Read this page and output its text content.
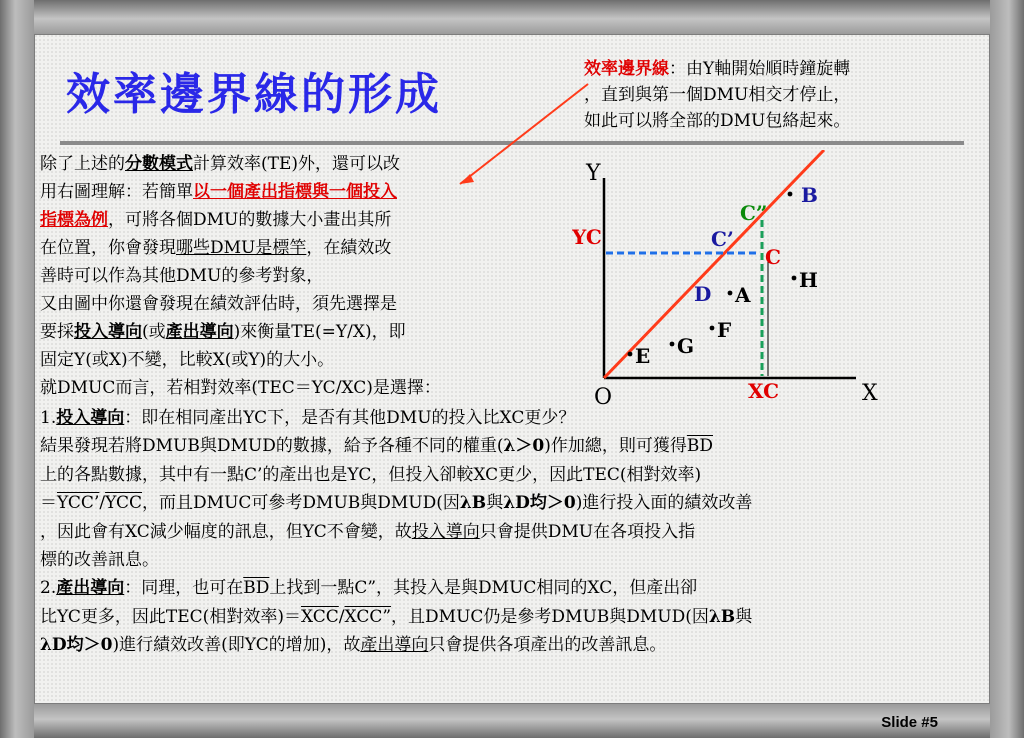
效率邊界線的形成	效率邊界線：由Y軸開始順時鐘旋轉
，直到與第一個DMU相交才停止，
如此可以將全部的DMU包絡起來。
除了上述的分數模式計算效率(TE)外，還可以改
用右圖理解：若簡單以一個產出指標與一個投入
指標為例，可將各個DMU的數據大小畫出其所
在位置，你會發現哪些DMU是標竿，在績效改
善時可以作為其他DMU的參考對象，
又由圖中你還會發現在績效評估時，須先選擇是
要採投入導向(或產出導向)來衡量TE(=Y/X)，即
固定Y(或X)不變，比較X(或Y)的大小。
就DMUC而言，若相對效率(TEC＝YC/XC)是選擇：
Y
X
O
YC
XC
B
A
H
F
G
E
D
C
C’
C”
1.投入導向：即在相同產出YC下，是否有其他DMU的投入比XC更少？
結果發現若將DMUB與DMUD的數據，給予各種不同的權重(λ＞0)作加總，則可獲得$\overline{BD}$
上的各點數據，其中有一點C’的產出也是YC，但投入卻較XC更少，因此TEC(相對效率)
$=YCC’/\overline{YCC}$，而且DMUC可參考DMUB與DMUD(因λB與λD均＞0)進行投入面的績效改善
，因此會有XC減少幅度的訊息，但YC不會變，故投入導向只會提供DMU在各項投入指
標的改善訊息。
2.產出導向：同理，也可在$\overline{BD}$上找到一點C”，其投入是與DMUC相同的XC，但產出卻
比YC更多，因此TEC(相對效率)$=\overline{XCC}$/XCC”，且DMUC仍是參考DMUB與DMUD(因λB與
λD均＞0)進行績效改善(即YC的增加)，故產出導向只會提供各項產出的改善訊息。
Slide #5
